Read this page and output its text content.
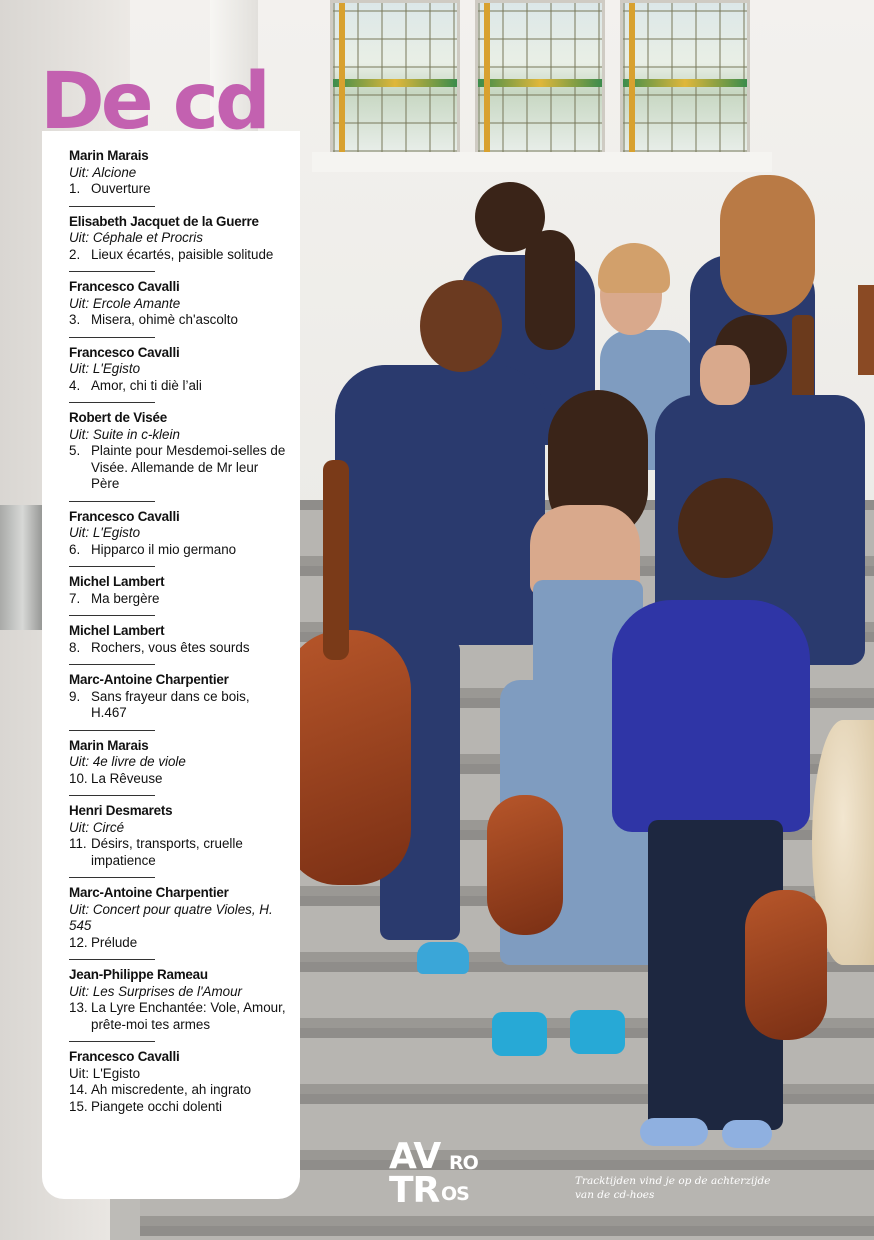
De cd
Marin Marais
Uit: Alcione
1. Ouverture
Elisabeth Jacquet de la Guerre
Uit: Céphale et Procris
2. Lieux écartés, paisible solitude
Francesco Cavalli
Uit: Ercole Amante
3. Misera, ohimè ch'ascolto
Francesco Cavalli
Uit: L'Egisto
4. Amor, chi ti diè l’ali
Robert de Visée
Uit: Suite in c-klein
5. Plainte pour Mesdemoi-selles de Visée. Allemande de Mr leur Père
Francesco Cavalli
Uit: L'Egisto
6. Hipparco il mio germano
Michel Lambert
7. Ma bergère
Michel Lambert
8. Rochers, vous êtes sourds
Marc-Antoine Charpentier
9. Sans frayeur dans ce bois, H.467
Marin Marais
Uit: 4e livre de viole
10. La Rêveuse
Henri Desmarets
Uit: Circé
11. Désirs, transports, cruelle impatience
Marc-Antoine Charpentier
Uit: Concert pour quatre Violes, H. 545
12. Prélude
Jean-Philippe Rameau
Uit: Les Surprises de l'Amour
13. La Lyre Enchantée: Vole, Amour, prête-moi tes armes
Francesco Cavalli
Uit: L'Egisto
14. Ah miscredente, ah ingrato
15. Piangete occhi dolenti
AV RO
TR OS
Tracktijden vind je op de achterzijde van de cd-hoes
